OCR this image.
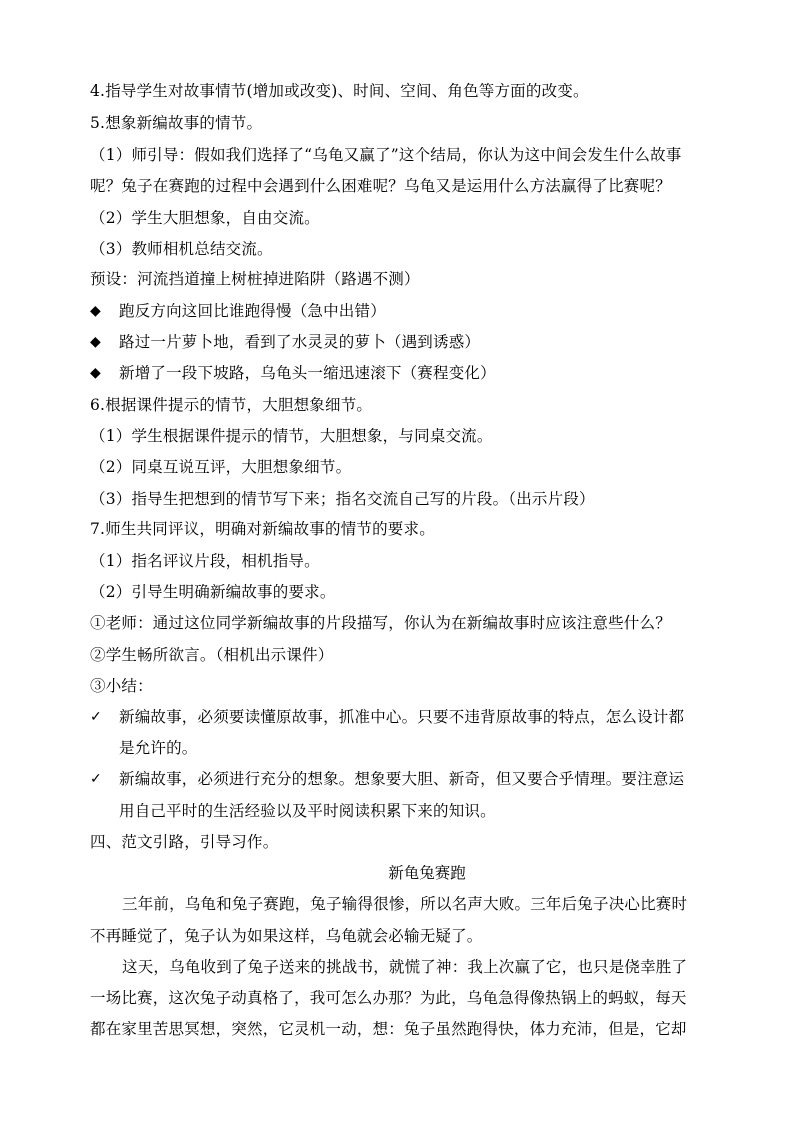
4.指导学生对故事情节(增加或改变)、时间、空间、角色等方面的改变。
5.想象新编故事的情节。
（1）师引导：假如我们选择了“乌龟又赢了”这个结局，你认为这中间会发生什么故事
呢？兔子在赛跑的过程中会遇到什么困难呢？乌龟又是运用什么方法赢得了比赛呢？
（2）学生大胆想象，自由交流。
（3）教师相机总结交流。
预设：河流挡道撞上树桩掉进陷阱（路遇不测）
◆ 跑反方向这回比谁跑得慢（急中出错）
◆ 路过一片萝卜地，看到了水灵灵的萝卜（遇到诱惑）
◆ 新增了一段下坡路，乌龟头一缩迅速滚下（赛程变化）
6.根据课件提示的情节，大胆想象细节。
（1）学生根据课件提示的情节，大胆想象，与同桌交流。
（2）同桌互说互评，大胆想象细节。
（3）指导生把想到的情节写下来；指名交流自己写的片段。（出示片段）
7.师生共同评议，明确对新编故事的情节的要求。
（1）指名评议片段，相机指导。
（2）引导生明确新编故事的要求。
①老师：通过这位同学新编故事的片段描写，你认为在新编故事时应该注意些什么？
②学生畅所欲言。（相机出示课件）
③小结：
✓ 新编故事，必须要读懂原故事，抓准中心。只要不违背原故事的特点，怎么设计都
是允许的。
✓ 新编故事，必须进行充分的想象。想象要大胆、新奇，但又要合乎情理。要注意运
用自己平时的生活经验以及平时阅读积累下来的知识。
四、范文引路，引导习作。
新龟兔赛跑
三年前，乌龟和兔子赛跑，兔子输得很惨，所以名声大败。三年后兔子决心比赛时
不再睡觉了，兔子认为如果这样，乌龟就会必输无疑了。
这天，乌龟收到了兔子送来的挑战书，就慌了神：我上次赢了它，也只是侥幸胜了
一场比赛，这次兔子动真格了，我可怎么办那？为此，乌龟急得像热锅上的蚂蚁，每天
都在家里苦思冥想，突然，它灵机一动，想：兔子虽然跑得快，体力充沛，但是，它却
